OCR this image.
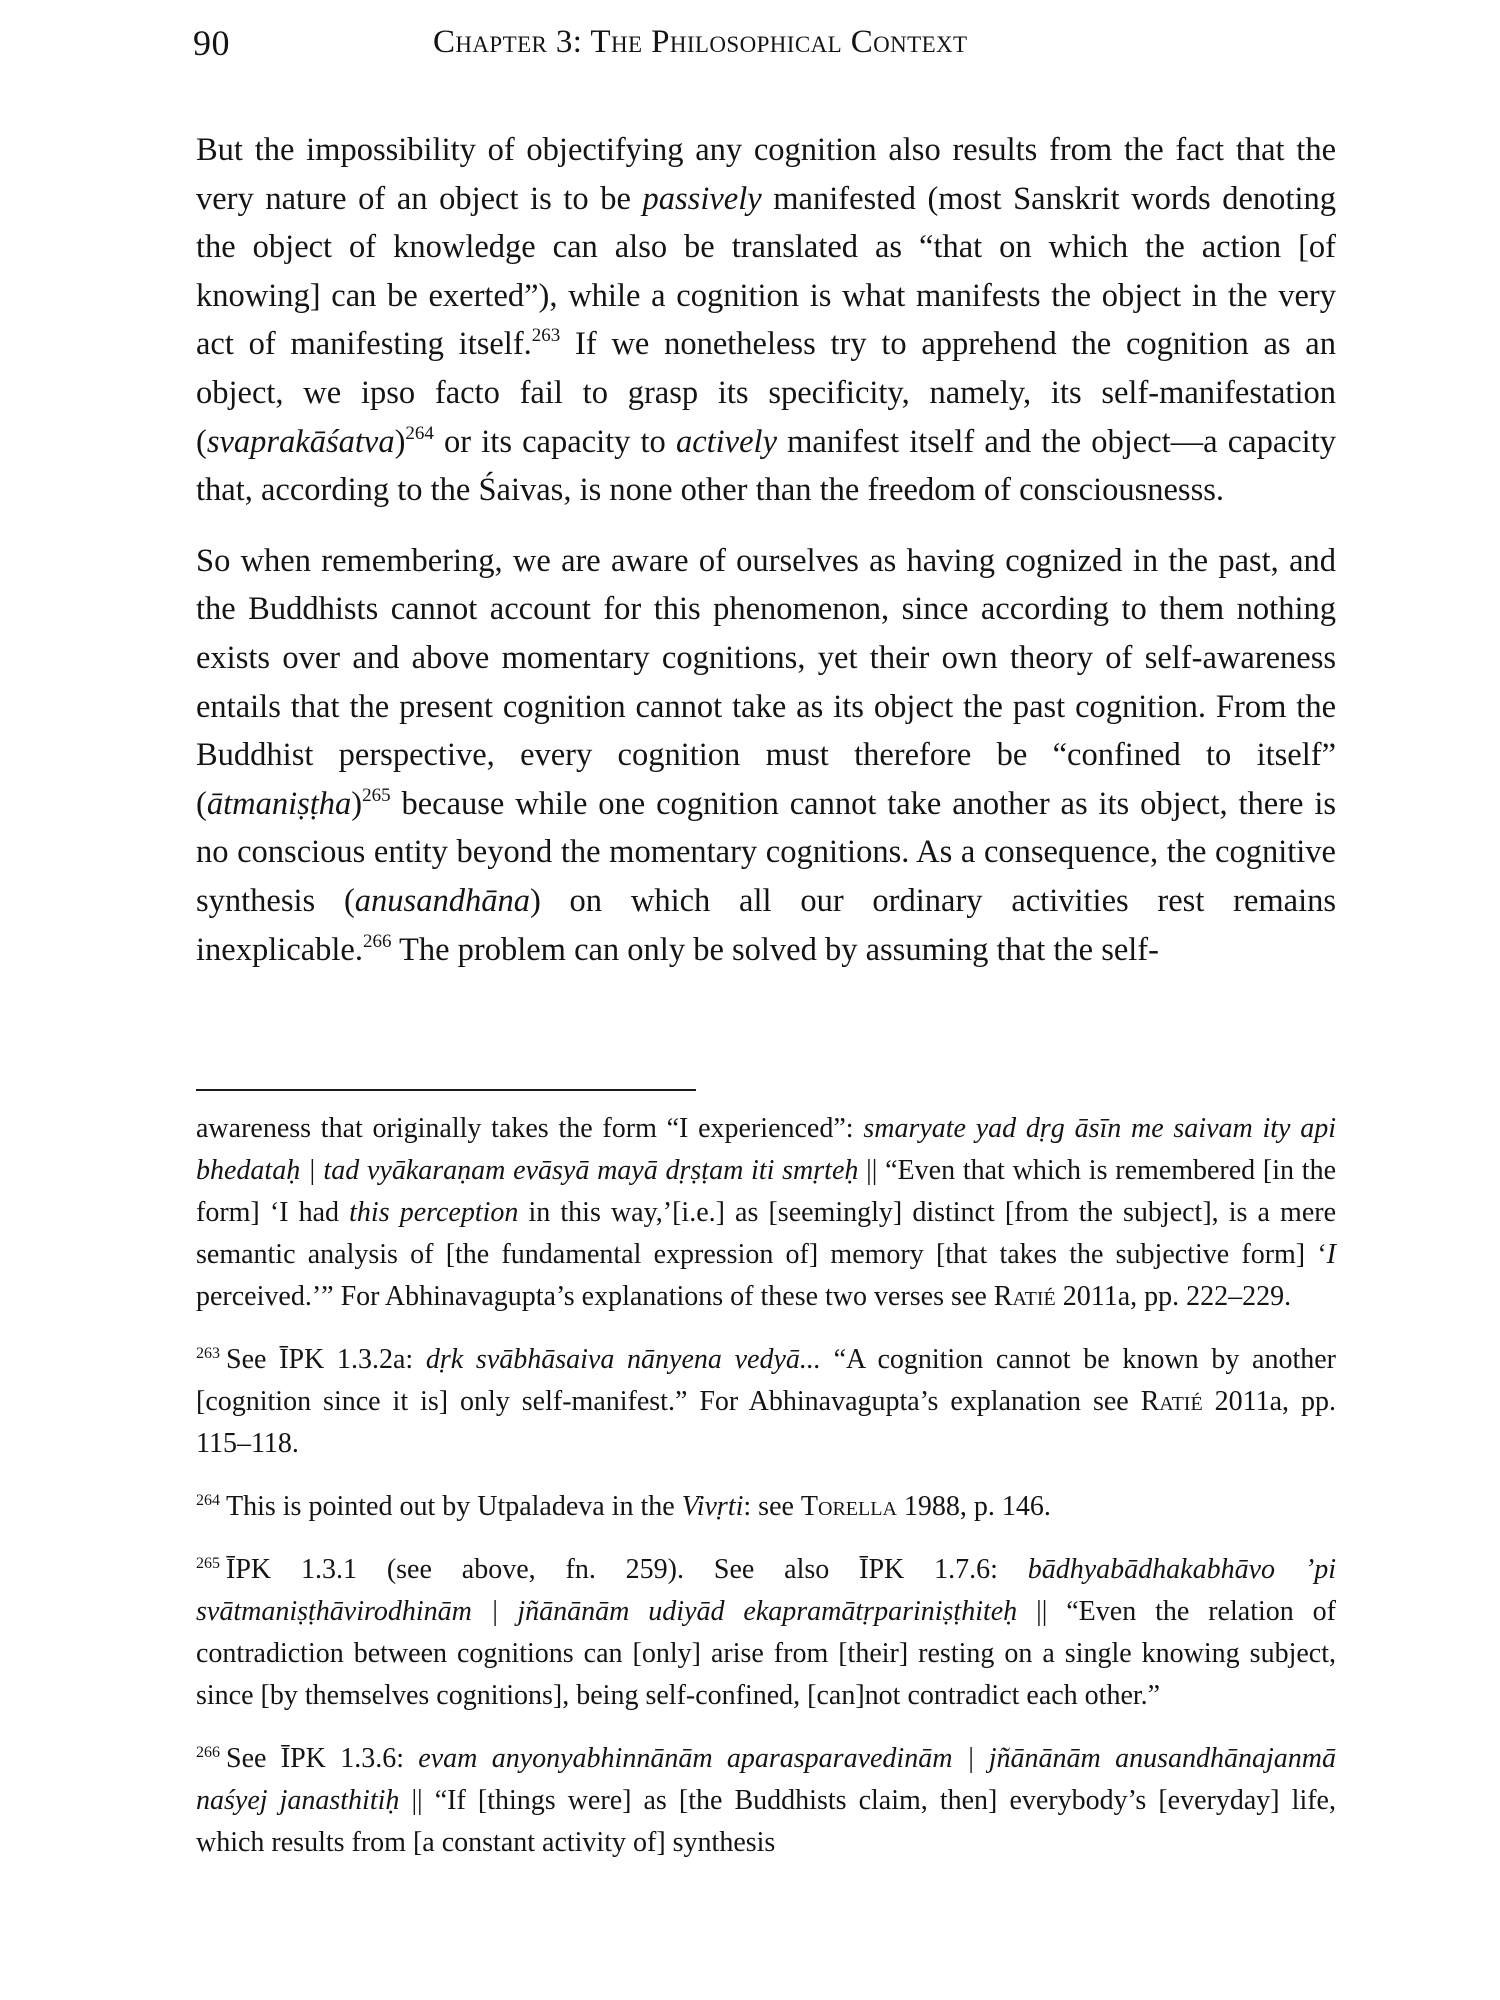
90	Chapter 3: The Philosophical Context

But the impossibility of objectifying any cognition also results from the fact that the very nature of an object is to be passively manifested (most Sanskrit words denoting the object of knowledge can also be translated as “that on which the action [of knowing] can be exerted”), while a cognition is what manifests the object in the very act of manifesting itself.$^{263}$ If we nonetheless try to apprehend the cognition as an object, we ipso facto fail to grasp its specificity, namely, its self-manifestation (svaprakāśatva)$^{264}$ or its capacity to actively manifest itself and the object—a capacity that, according to the Śaivas, is none other than the freedom of consciousnesss.

So when remembering, we are aware of ourselves as having cognized in the past, and the Buddhists cannot account for this phenomenon, since according to them nothing exists over and above momentary cognitions, yet their own theory of self-awareness entails that the present cognition cannot take as its object the past cognition. From the Buddhist perspective, every cognition must therefore be “confined to itself” (ātmaniṣṭha)$^{265}$ because while one cognition cannot take another as its object, there is no conscious entity beyond the momentary cognitions. As a consequence, the cognitive synthesis (anusandhāna) on which all our ordinary activities rest remains inexplicable.$^{266}$ The problem can only be solved by assuming that the self-

awareness that originally takes the form “I experienced”: smaryate yad dṛg āsīn me saivam ity api bhedataḥ | tad vyākaraṇam evāsyā mayā dṛṣṭam iti smṛteḥ || “Even that which is remembered [in the form] ‘I had this perception in this way,’[i.e.] as [seemingly] distinct [from the subject], is a mere semantic analysis of [the fundamental expression of] memory [that takes the subjective form] ‘I perceived.’” For Abhinavagupta’s explanations of these two verses see Ratié 2011a, pp. 222–229.

$^{263}$ See ĪPK 1.3.2a: dṛk svābhāsaiva nānyena vedyā... “A cognition cannot be known by another [cognition since it is] only self-manifest.” For Abhinavagupta’s explanation see Ratié 2011a, pp. 115–118.

$^{264}$ This is pointed out by Utpaladeva in the Vivṛti: see Torella 1988, p. 146.

$^{265}$ ĪPK 1.3.1 (see above, fn. 259). See also ĪPK 1.7.6: bādhyabādhakabhāvo ’pi svātmaniṣṭhāvirodhinām | jñānānām udiyād ekapramātṛpariniṣṭhiteḥ || “Even the relation of contradiction between cognitions can [only] arise from [their] resting on a single knowing subject, since [by themselves cognitions], being self-confined, [can]not contradict each other.”

$^{266}$ See ĪPK 1.3.6: evam anyonyabhinnānām aparasparavedinām | jñānānām anusandhānajanmā naśyej janasthitiḥ || “If [things were] as [the Buddhists claim, then] everybody’s [everyday] life, which results from [a constant activity of] synthesis
